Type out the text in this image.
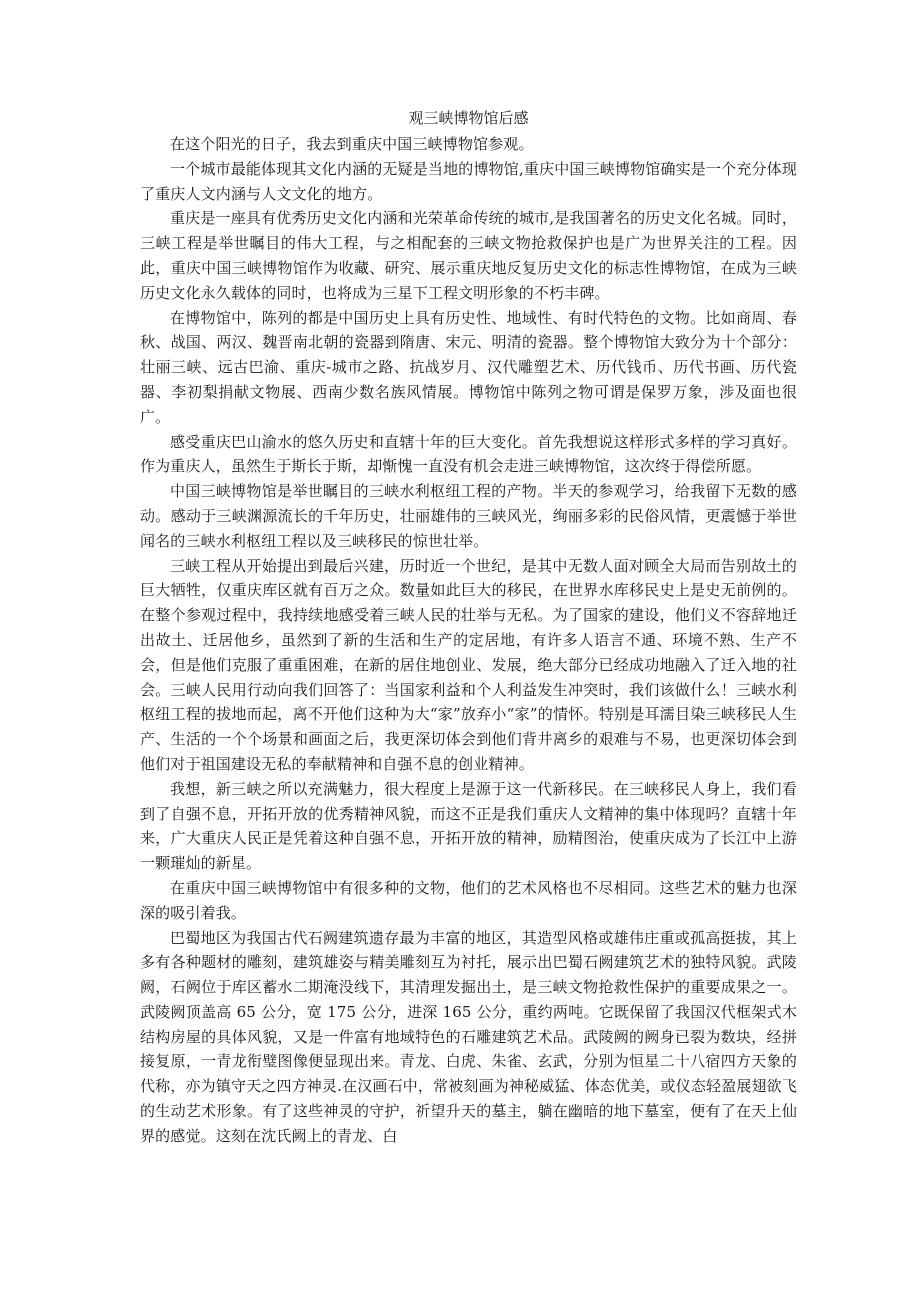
观三峡博物馆后感

在这个阳光的日子，我去到重庆中国三峡博物馆参观。

一个城市最能体现其文化内涵的无疑是当地的博物馆,重庆中国三峡博物馆确实是一个充分体现了重庆人文内涵与人文文化的地方。

重庆是一座具有优秀历史文化内涵和光荣革命传统的城市,是我国著名的历史文化名城。同时，三峡工程是举世瞩目的伟大工程，与之相配套的三峡文物抢救保护也是广为世界关注的工程。因此，重庆中国三峡博物馆作为收藏、研究、展示重庆地反复历史文化的标志性博物馆，在成为三峡历史文化永久载体的同时，也将成为三星下工程文明形象的不朽丰碑。

在博物馆中，陈列的都是中国历史上具有历史性、地域性、有时代特色的文物。比如商周、春秋、战国、两汉、魏晋南北朝的瓷器到隋唐、宋元、明清的瓷器。整个博物馆大致分为十个部分：壮丽三峡、远古巴渝、重庆-城市之路、抗战岁月、汉代雕塑艺术、历代钱币、历代书画、历代瓷器、李初梨捐献文物展、西南少数名族风情展。博物馆中陈列之物可谓是保罗万象，涉及面也很广。

感受重庆巴山渝水的悠久历史和直辖十年的巨大变化。首先我想说这样形式多样的学习真好。作为重庆人，虽然生于斯长于斯，却惭愧一直没有机会走进三峡博物馆，这次终于得偿所愿。

中国三峡博物馆是举世瞩目的三峡水利枢纽工程的产物。半天的参观学习，给我留下无数的感动。感动于三峡渊源流长的千年历史，壮丽雄伟的三峡风光，绚丽多彩的民俗风情，更震憾于举世闻名的三峡水利枢纽工程以及三峡移民的惊世壮举。

三峡工程从开始提出到最后兴建，历时近一个世纪，是其中无数人面对顾全大局而告别故土的巨大牺牲，仅重庆库区就有百万之众。数量如此巨大的移民，在世界水库移民史上是史无前例的。在整个参观过程中，我持续地感受着三峡人民的壮举与无私。为了国家的建设，他们义不容辞地迁出故土、迁居他乡，虽然到了新的生活和生产的定居地，有许多人语言不通、环境不熟、生产不会，但是他们克服了重重困难，在新的居住地创业、发展，绝大部分已经成功地融入了迁入地的社会。三峡人民用行动向我们回答了：当国家利益和个人利益发生冲突时，我们该做什么！三峡水利枢纽工程的拔地而起，离不开他们这种为大“家”放弃小“家”的情怀。特别是耳濡目染三峡移民人生产、生活的一个个场景和画面之后，我更深切体会到他们背井离乡的艰难与不易，也更深切体会到他们对于祖国建设无私的奉献精神和自强不息的创业精神。

我想，新三峡之所以充满魅力，很大程度上是源于这一代新移民。在三峡移民人身上，我们看到了自强不息，开拓开放的优秀精神风貌，而这不正是我们重庆人文精神的集中体现吗？直辖十年来，广大重庆人民正是凭着这种自强不息，开拓开放的精神，励精图治，使重庆成为了长江中上游一颗璀灿的新星。

在重庆中国三峡博物馆中有很多种的文物，他们的艺术风格也不尽相同。这些艺术的魅力也深深的吸引着我。

巴蜀地区为我国古代石阙建筑遗存最为丰富的地区，其造型风格或雄伟庄重或孤高挺拔，其上多有各种题材的雕刻，建筑雄姿与精美雕刻互为衬托，展示出巴蜀石阙建筑艺术的独特风貌。武陵阙，石阙位于库区蓄水二期淹没线下，其清理发掘出土，是三峡文物抢救性保护的重要成果之一。武陵阙顶盖高 65 公分，宽 175 公分，进深 165 公分，重约两吨。它既保留了我国汉代框架式木结构房屋的具体风貌，又是一件富有地域特色的石雕建筑艺术品。武陵阙的阙身已裂为数块，经拼接复原，一青龙衔璧图像便显现出来。青龙、白虎、朱雀、玄武，分别为恒星二十八宿四方天象的代称，亦为镇守天之四方神灵.在汉画石中，常被刻画为神秘威猛、体态优美，或仪态轻盈展翅欲飞的生动艺术形象。有了这些神灵的守护，祈望升天的墓主，躺在幽暗的地下墓室，便有了在天上仙界的感觉。这刻在沈氏阙上的青龙、白
